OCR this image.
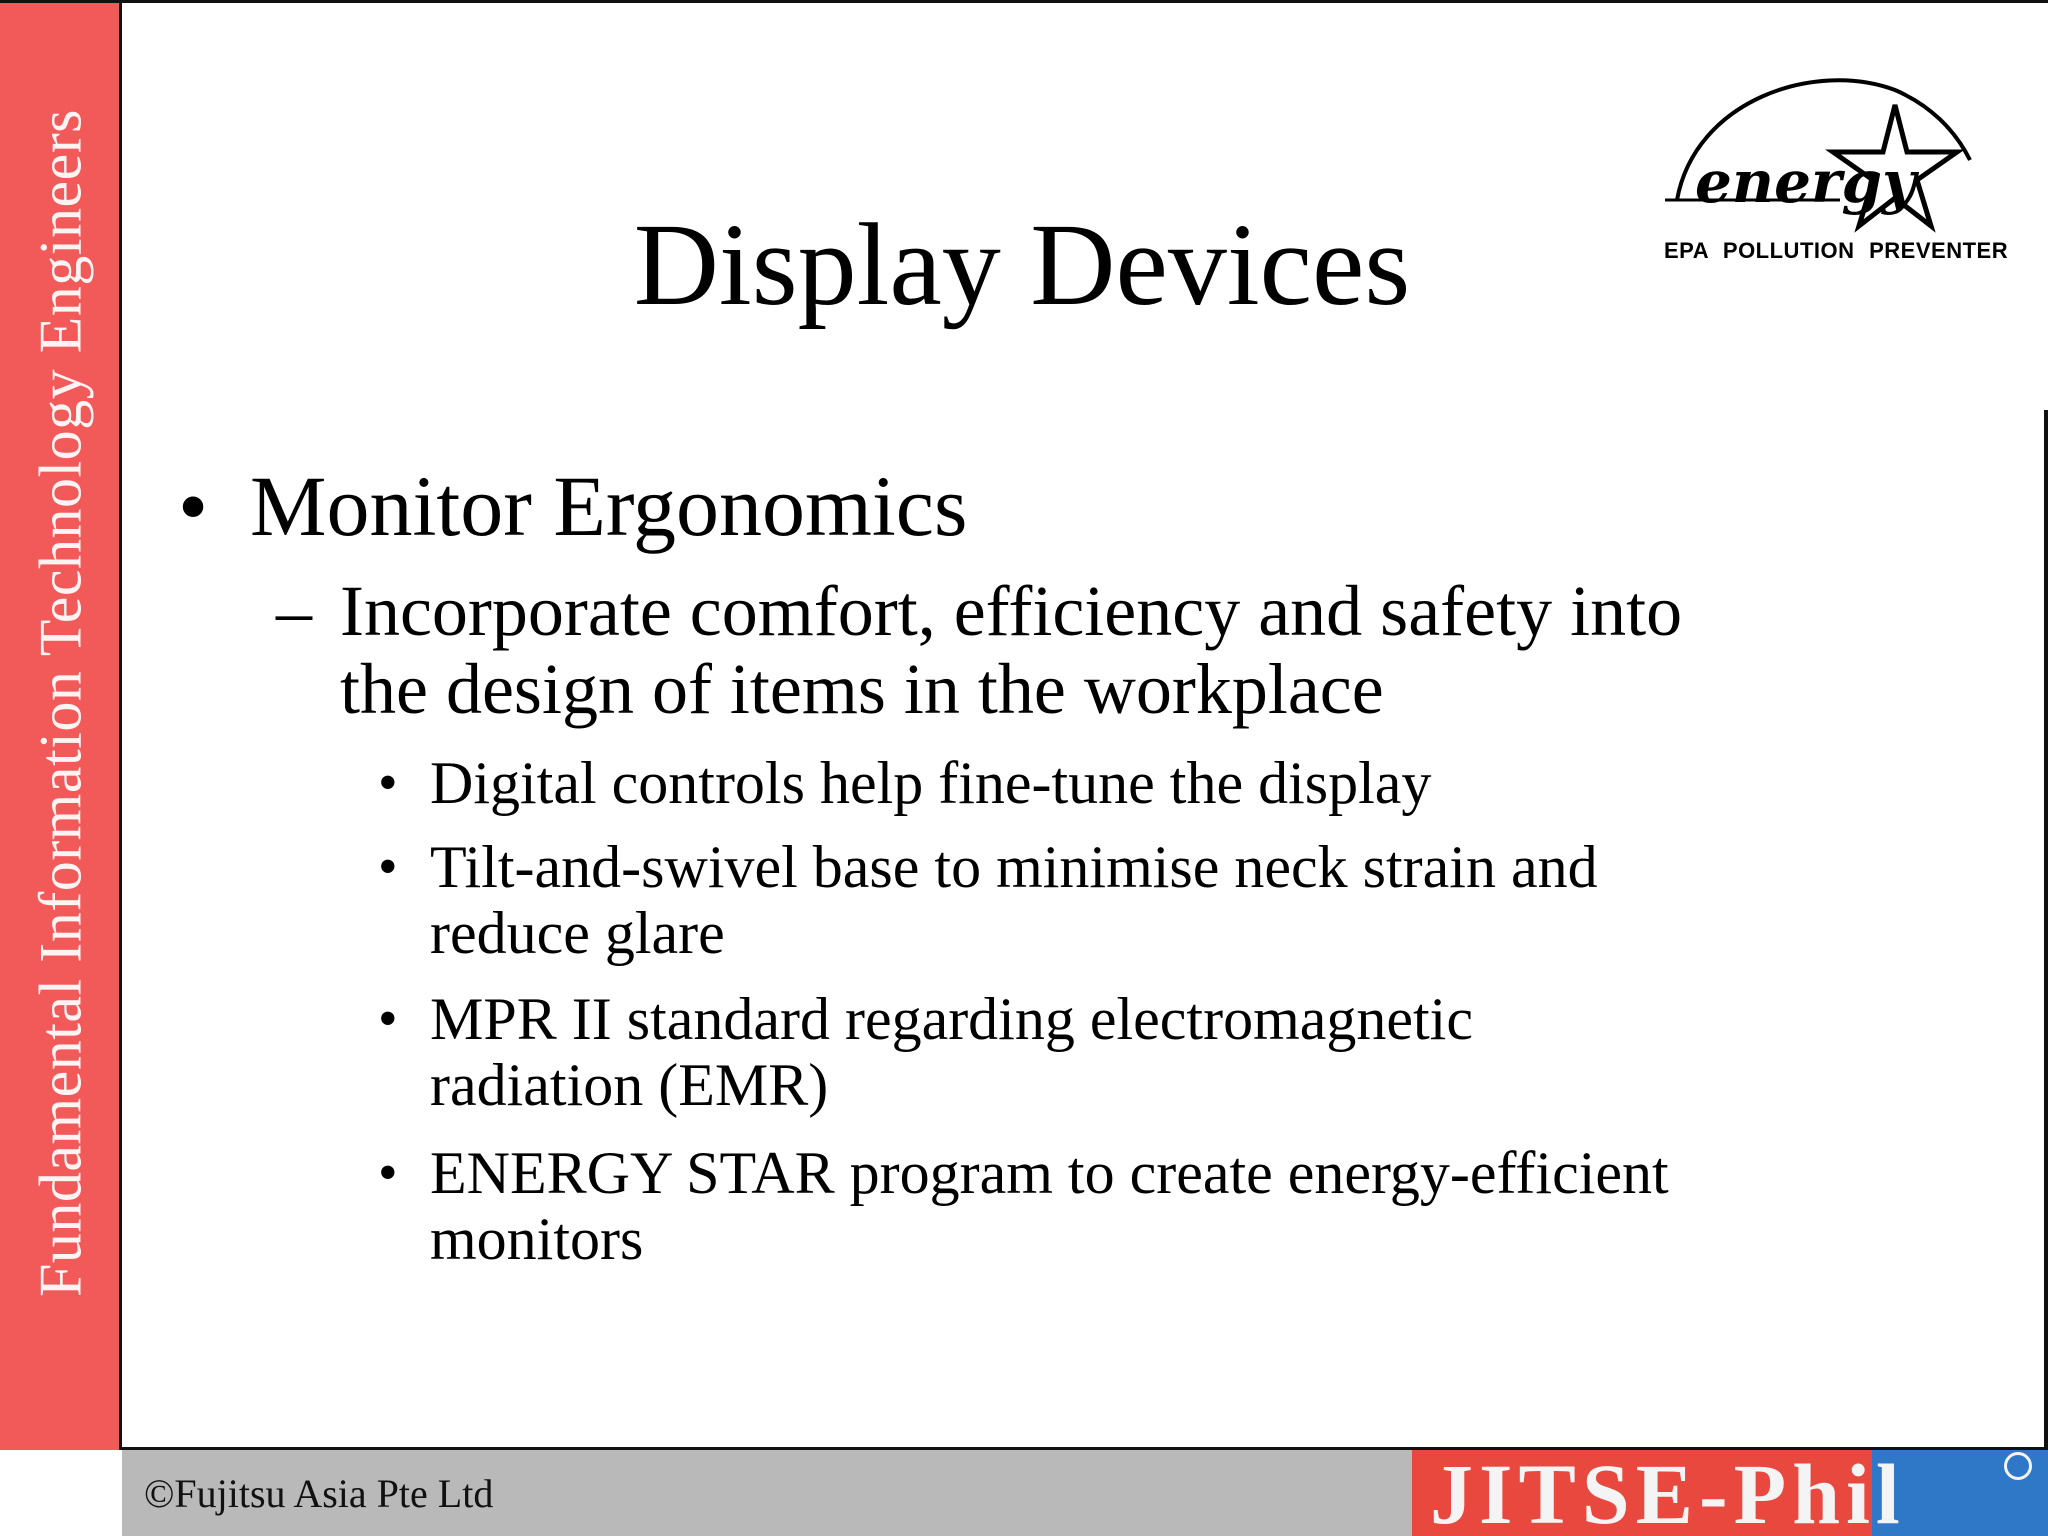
Fundamental Information Technology Engineers	Display Devices
energy
EPA POLLUTION PREVENTER
• Monitor Ergonomics
– Incorporate comfort, efficiency and safety into
the design of items in the workplace
• Digital controls help fine-tune the display
• Tilt-and-swivel base to minimise neck strain and
reduce glare
• MPR II standard regarding electromagnetic
radiation (EMR)
• ENERGY STAR program to create energy-efficient
monitors
©Fujitsu Asia Pte Ltd	JITSE-Phil
